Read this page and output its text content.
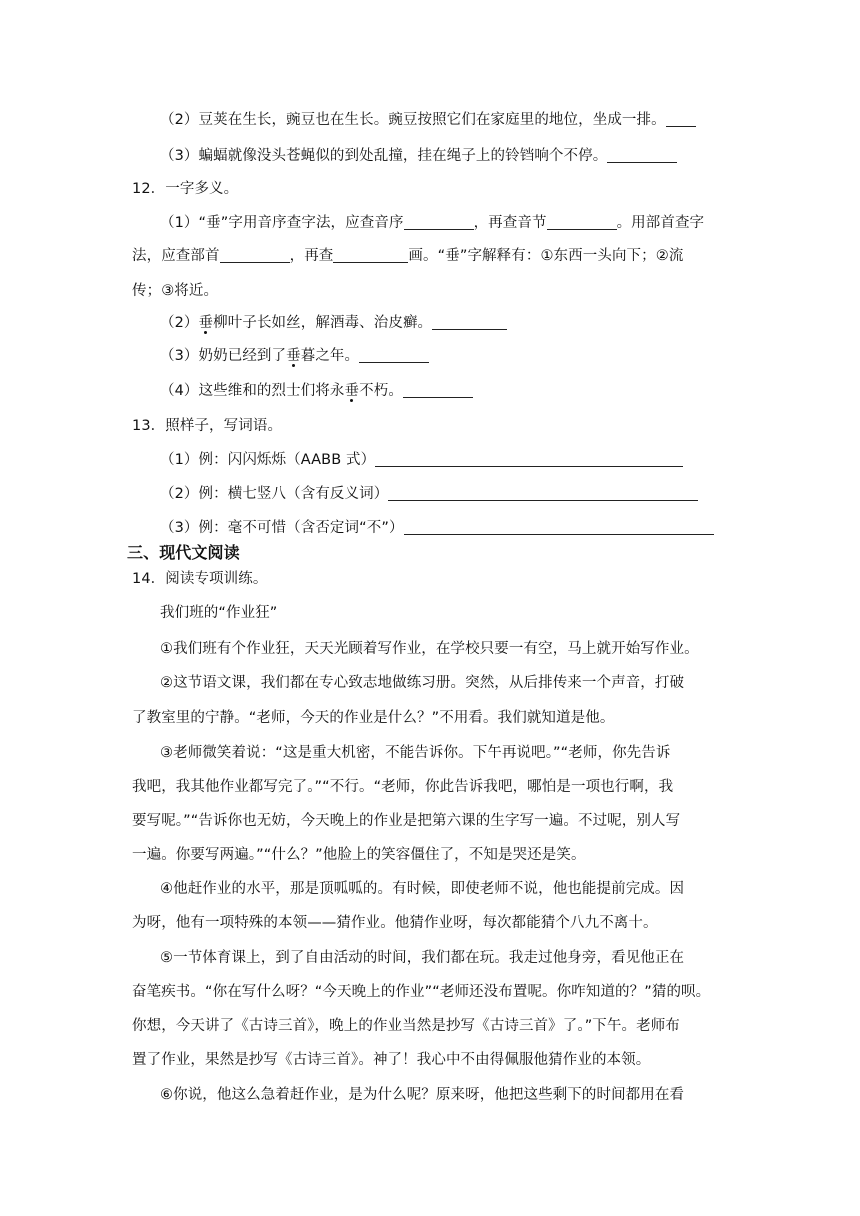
（2）豆荚在生长，豌豆也在生长。豌豆按照它们在家庭里的地位，坐成一排。
（3）蝙蝠就像没头苍蝇似的到处乱撞，挂在绳子上的铃铛响个不停。
12．一字多义。
（1）“垂”字用音序查字法，应查音序	，再查音节	。用部首查字
法，应查部首	，再查	画。“垂”字解释有：①东西一头向下；②流
传；③将近。
（2）垂柳叶子长如丝，解酒毒、治皮癣。
（3）奶奶已经到了垂暮之年。
（4）这些维和的烈士们将永垂不朽。
13．照样子，写词语。
（1）例：闪闪烁烁（AABB 式）
（2）例：横七竖八（含有反义词）
（3）例：毫不可惜（含否定词“不”）
三、现代文阅读
14．阅读专项训练。
我们班的“作业狂”
①我们班有个作业狂，天天光顾着写作业，在学校只要一有空，马上就开始写作业。
②这节语文课，我们都在专心致志地做练习册。突然，从后排传来一个声音，打破
了教室里的宁静。“老师，今天的作业是什么？”不用看。我们就知道是他。
③老师微笑着说：“这是重大机密，不能告诉你。下午再说吧。”“老师，你先告诉
我吧，我其他作业都写完了。”“不行。“老师，你此告诉我吧，哪怕是一项也行啊，我
要写呢。”“告诉你也无妨，今天晚上的作业是把第六课的生字写一遍。不过呢，别人写
一遍。你要写两遍。”“什么？”他脸上的笑容僵住了，不知是哭还是笑。
④他赶作业的水平，那是顶呱呱的。有时候，即使老师不说，他也能提前完成。因
为呀，他有一项特殊的本领——猜作业。他猜作业呀，每次都能猜个八九不离十。
⑤一节体育课上，到了自由活动的时间，我们都在玩。我走过他身旁，看见他正在
奋笔疾书。“你在写什么呀？“今天晚上的作业”“老师还没布置呢。你咋知道的？”猜的呗。
你想，今天讲了《古诗三首》，晚上的作业当然是抄写《古诗三首》了。”下午。老师布
置了作业，果然是抄写《古诗三首》。神了！我心中不由得佩服他猜作业的本领。
⑥你说，他这么急着赶作业，是为什么呢？原来呀，他把这些剩下的时间都用在看
